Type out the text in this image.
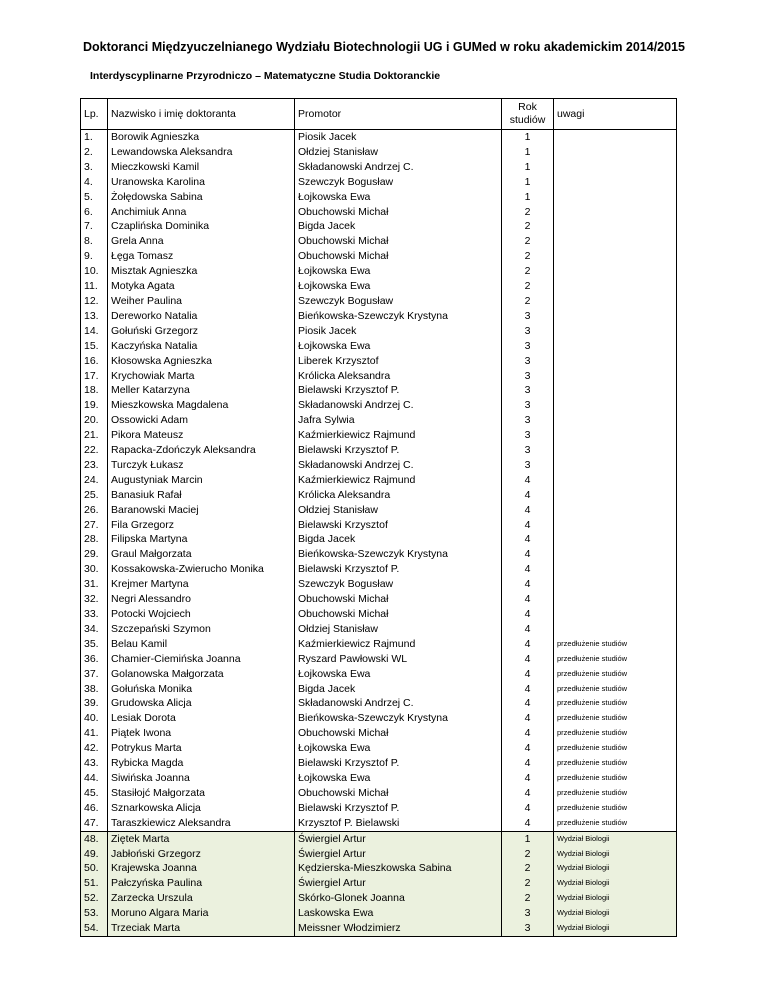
Doktoranci Międzyuczelnianego Wydziału Biotechnologii UG i GUMed w roku akademickim 2014/2015
Interdyscyplinarne Przyrodniczo – Matematyczne Studia Doktoranckie
Lp.	Nazwisko i imię doktoranta	Promotor	Rok studiów	uwagi
1.	Borowik Agnieszka	Piosik Jacek	1	
2.	Lewandowska Aleksandra	Ołdziej Stanisław	1	
3.	Mieczkowski Kamil	Składanowski Andrzej C.	1	
4.	Uranowska Karolina	Szewczyk Bogusław	1	
5.	Żołędowska Sabina	Łojkowska Ewa	1	
6.	Anchimiuk Anna	Obuchowski Michał	2	
7.	Czaplińska Dominika	Bigda Jacek	2	
8.	Grela Anna	Obuchowski Michał	2	
9.	Łęga Tomasz	Obuchowski Michał	2	
10.	Misztak Agnieszka	Łojkowska Ewa	2	
11.	Motyka Agata	Łojkowska Ewa	2	
12.	Weiher Paulina	Szewczyk Bogusław	2	
13.	Dereworko Natalia	Bieńkowska-Szewczyk Krystyna	3	
14.	Gołuński Grzegorz	Piosik Jacek	3	
15.	Kaczyńska Natalia	Łojkowska Ewa	3	
16.	Kłosowska Agnieszka	Liberek Krzysztof	3	
17.	Krychowiak Marta	Królicka Aleksandra	3	
18.	Meller Katarzyna	Bielawski Krzysztof P.	3	
19.	Mieszkowska Magdalena	Składanowski Andrzej C.	3	
20.	Ossowicki Adam	Jafra Sylwia	3	
21.	Pikora Mateusz	Kaźmierkiewicz Rajmund	3	
22.	Rapacka-Zdończyk Aleksandra	Bielawski Krzysztof P.	3	
23.	Turczyk Łukasz	Składanowski Andrzej C.	3	
24.	Augustyniak Marcin	Kaźmierkiewicz Rajmund	4	
25.	Banasiuk Rafał	Królicka Aleksandra	4	
26.	Baranowski Maciej	Ołdziej Stanisław	4	
27.	Fila Grzegorz	Bielawski Krzysztof	4	
28.	Filipska Martyna	Bigda Jacek	4	
29.	Graul Małgorzata	Bieńkowska-Szewczyk Krystyna	4	
30.	Kossakowska-Zwierucho Monika	Bielawski Krzysztof P.	4	
31.	Krejmer Martyna	Szewczyk Bogusław	4	
32.	Negri Alessandro	Obuchowski Michał	4	
33.	Potocki Wojciech	Obuchowski Michał	4	
34.	Szczepański Szymon	Ołdziej Stanisław	4	
35.	Belau Kamil	Kaźmierkiewicz Rajmund	4	przedłużenie studiów
36.	Chamier-Ciemińska Joanna	Ryszard Pawłowski WL	4	przedłużenie studiów
37.	Golanowska Małgorzata	Łojkowska Ewa	4	przedłużenie studiów
38.	Gołuńska Monika	Bigda Jacek	4	przedłużenie studiów
39.	Grudowska Alicja	Składanowski Andrzej C.	4	przedłużenie studiów
40.	Lesiak Dorota	Bieńkowska-Szewczyk Krystyna	4	przedłużenie studiów
41.	Piątek Iwona	Obuchowski Michał	4	przedłużenie studiów
42.	Potrykus Marta	Łojkowska Ewa	4	przedłużenie studiów
43.	Rybicka Magda	Bielawski Krzysztof P.	4	przedłużenie studiów
44.	Siwińska Joanna	Łojkowska Ewa	4	przedłużenie studiów
45.	Stasiłojć Małgorzata	Obuchowski Michał	4	przedłużenie studiów
46.	Sznarkowska Alicja	Bielawski Krzysztof P.	4	przedłużenie studiów
47.	Taraszkiewicz Aleksandra	Krzysztof P. Bielawski	4	przedłużenie studiów
48.	Ziętek Marta	Świergiel Artur	1	Wydział Biologii
49.	Jabłoński Grzegorz	Świergiel Artur	2	Wydział Biologii
50.	Krajewska Joanna	Kędzierska-Mieszkowska Sabina	2	Wydział Biologii
51.	Pałczyńska Paulina	Świergiel Artur	2	Wydział Biologii
52.	Zarzecka Urszula	Skórko-Glonek Joanna	2	Wydział Biologii
53.	Moruno Algara Maria	Laskowska Ewa	3	Wydział Biologii
54.	Trzeciak Marta	Meissner Włodzimierz	3	Wydział Biologii
